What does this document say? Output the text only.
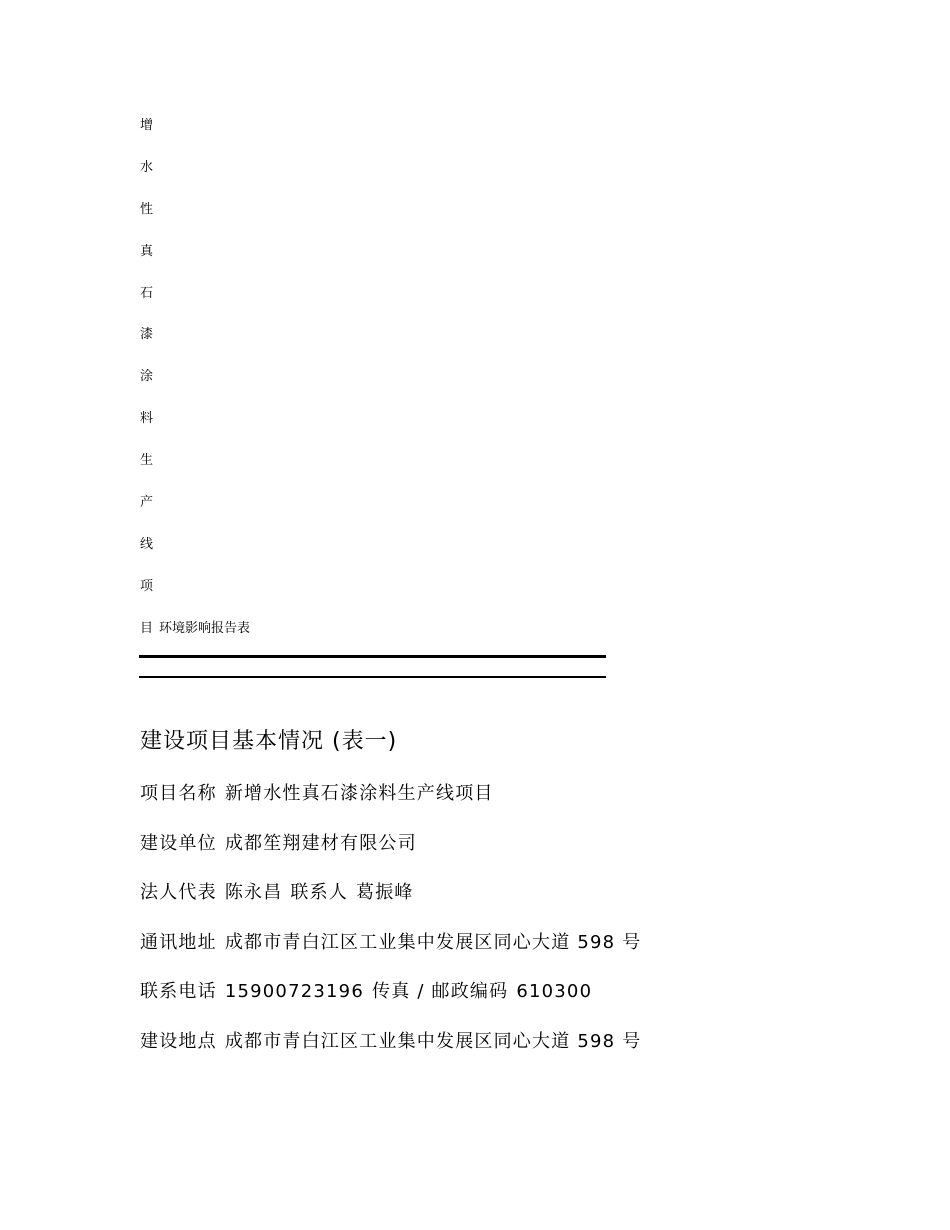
增
水
性
真
石
漆
涂
料
生
产
线
项
目 环境影响报告表
建设项目基本情况 (表一)
项目名称 新增水性真石漆涂料生产线项目
建设单位 成都笙翔建材有限公司
法人代表 陈永昌 联系人 葛振峰
通讯地址 成都市青白江区工业集中发展区同心大道 598 号
联系电话 15900723196 传真 / 邮政编码 610300
建设地点 成都市青白江区工业集中发展区同心大道 598 号
